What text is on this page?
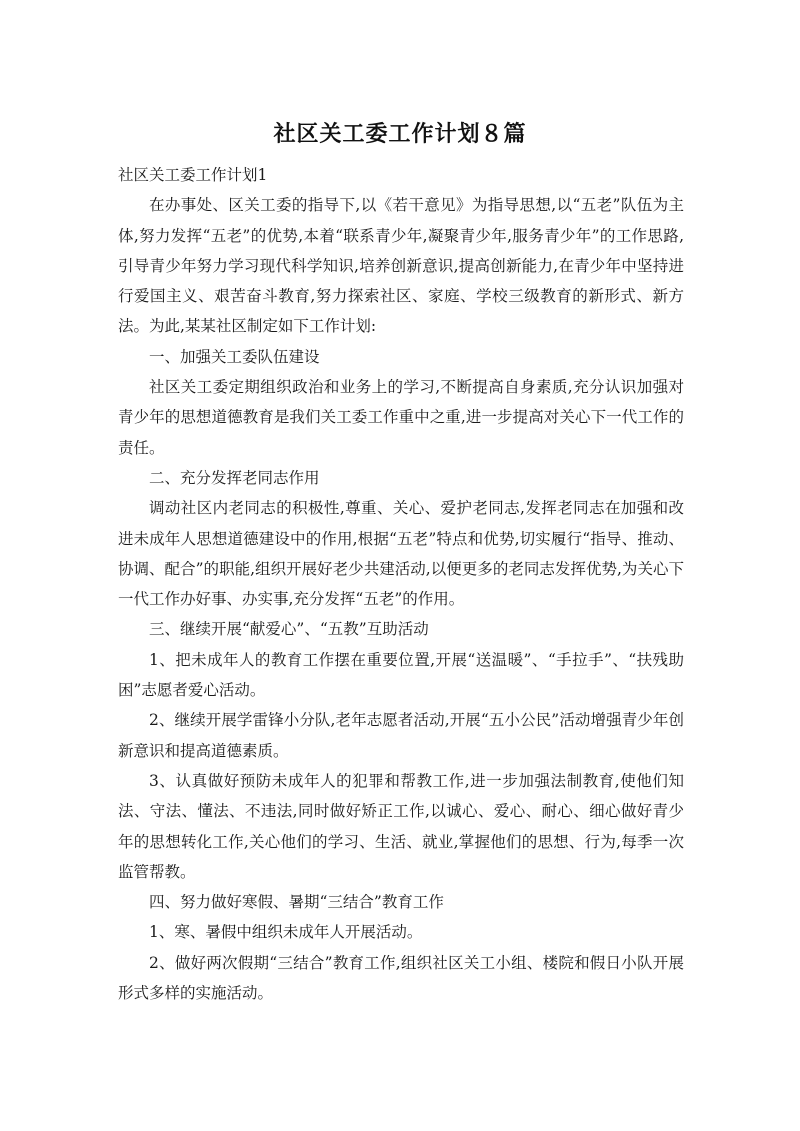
社区关工委工作计划８篇

社区关工委工作计划1

在办事处、区关工委的指导下,以《若干意见》为指导思想,以“五老”队伍为主体,努力发挥“五老”的优势,本着“联系青少年,凝聚青少年,服务青少年”的工作思路,引导青少年努力学习现代科学知识,培养创新意识,提高创新能力,在青少年中坚持进行爱国主义、艰苦奋斗教育,努力探索社区、家庭、学校三级教育的新形式、新方法。为此,某某社区制定如下工作计划:

一、加强关工委队伍建设

社区关工委定期组织政治和业务上的学习,不断提高自身素质,充分认识加强对青少年的思想道德教育是我们关工委工作重中之重,进一步提高对关心下一代工作的责任。

二、充分发挥老同志作用

调动社区内老同志的积极性,尊重、关心、爱护老同志,发挥老同志在加强和改进未成年人思想道德建设中的作用,根据“五老”特点和优势,切实履行“指导、推动、协调、配合”的职能,组织开展好老少共建活动,以便更多的老同志发挥优势,为关心下一代工作办好事、办实事,充分发挥“五老”的作用。

三、继续开展“献爱心”、“五教”互助活动

1、把未成年人的教育工作摆在重要位置,开展“送温暖”、“手拉手”、“扶残助困”志愿者爱心活动。

2、继续开展学雷锋小分队,老年志愿者活动,开展“五小公民”活动增强青少年创新意识和提高道德素质。

3、认真做好预防未成年人的犯罪和帮教工作,进一步加强法制教育,使他们知法、守法、懂法、不违法,同时做好矫正工作,以诚心、爱心、耐心、细心做好青少年的思想转化工作,关心他们的学习、生活、就业,掌握他们的思想、行为,每季一次监管帮教。

四、努力做好寒假、暑期“三结合”教育工作

1、寒、暑假中组织未成年人开展活动。

2、做好两次假期“三结合”教育工作,组织社区关工小组、楼院和假日小队开展形式多样的实施活动。
